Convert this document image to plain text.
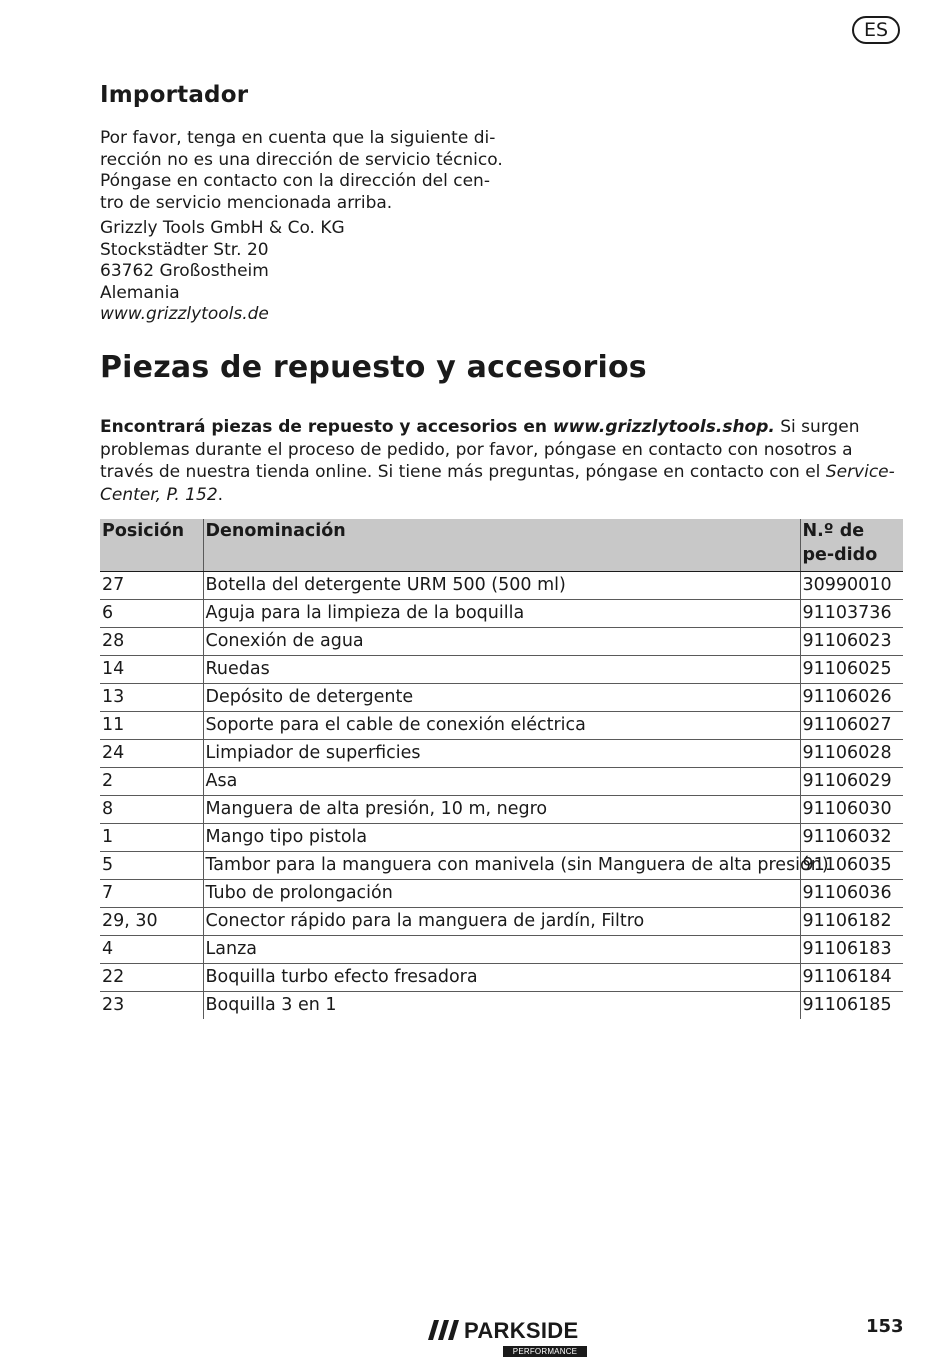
ES
Importador

Por favor, tenga en cuenta que la siguiente di-
rección no es una dirección de servicio técnico.
Póngase en contacto con la dirección del cen-
tro de servicio mencionada arriba.

Grizzly Tools GmbH & Co. KG
Stockstädter Str. 20
63762 Großostheim
Alemania
www.grizzlytools.de

Piezas de repuesto y accesorios

Encontrará piezas de repuesto y accesorios en www.grizzlytools.shop. Si surgen problemas durante el proceso de pedido, por favor, póngase en contacto con nosotros a través de nuestra tienda online. Si tiene más preguntas, póngase en contacto con el Service-Center, P. 152.

Posición	Denominación	N.º de pe-dido
27	Botella del detergente URM 500 (500 ml)	30990010
6	Aguja para la limpieza de la boquilla	91103736
28	Conexión de agua	91106023
14	Ruedas	91106025
13	Depósito de detergente	91106026
11	Soporte para el cable de conexión eléctrica	91106027
24	Limpiador de superficies	91106028
2	Asa	91106029
8	Manguera de alta presión, 10 m, negro	91106030
1	Mango tipo pistola	91106032
5	Tambor para la manguera con manivela (sin Manguera de alta presión)	91106035
7	Tubo de prolongación	91106036
29, 30	Conector rápido para la manguera de jardín, Filtro	91106182
4	Lanza	91106183
22	Boquilla turbo efecto fresadora	91106184
23	Boquilla 3 en 1	91106185
PARKSIDE
PERFORMANCE
153
